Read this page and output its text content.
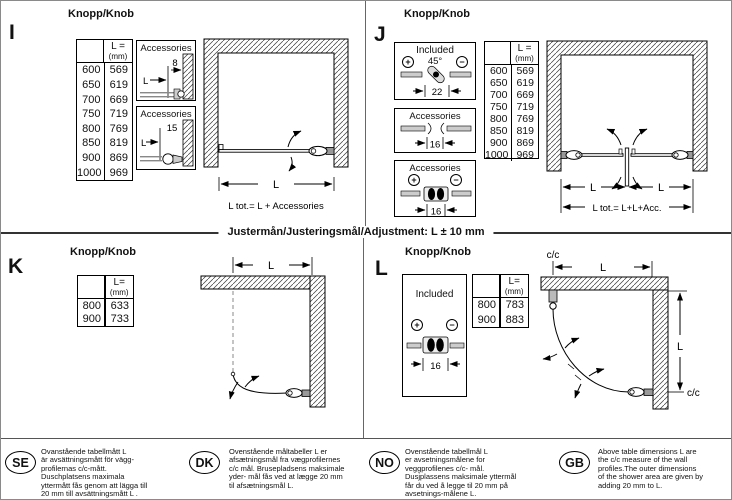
Justermån/Justeringsmål/Adjustment: L ± 10 mm
I
Knopp/Knob
L =
(mm)
600 569
650 619
700 669
750 719
800 769
850 819
900 869
1000 969
Accessories
8
L
Accessories
15
L
L
L tot.= L + Accessories
J
Knopp/Knob
Included
45°
+	−
22
Accessories
16
Accessories
+	−
16
L =
(mm)
600 569
650 619
700 669
750 719
800 769
850 819
900 869
1000 969
L	L
L tot.= L+L+Acc.
K
Knopp/Knob
L=
(mm)
800 633
900 733
L	L
Knopp/Knob
Included
+	−
16
L=
(mm)
800 783
900 883
c/c
L
L
c/c
SE
Ovanstående tabellmått L
är avsättningsmått för vägg-
profilernas c/c-mått.
Duschplatsens maximala
yttermått fås genom att lägga till
20 mm till avsättningsmått L .
DK
Ovenstående måltabeller L er
afsætningsmål fra vægprofilernes
c/c mål. Brusepladsens maksimale
yder- mål fås ved at lægge 20 mm
til afsætningsmål L.
NO
Ovenstående tabellmål L
er avsetningsmålene for
veggprofilenes c/c- mål.
Dusjplassens maksimale yttermål
får du ved å legge til 20 mm på
avsetnings-målene L.
GB
Above table dimensions L are
the c/c measure of the wall
profiles.The outer dimensions
of the shower area are given by
adding 20 mm to L.
